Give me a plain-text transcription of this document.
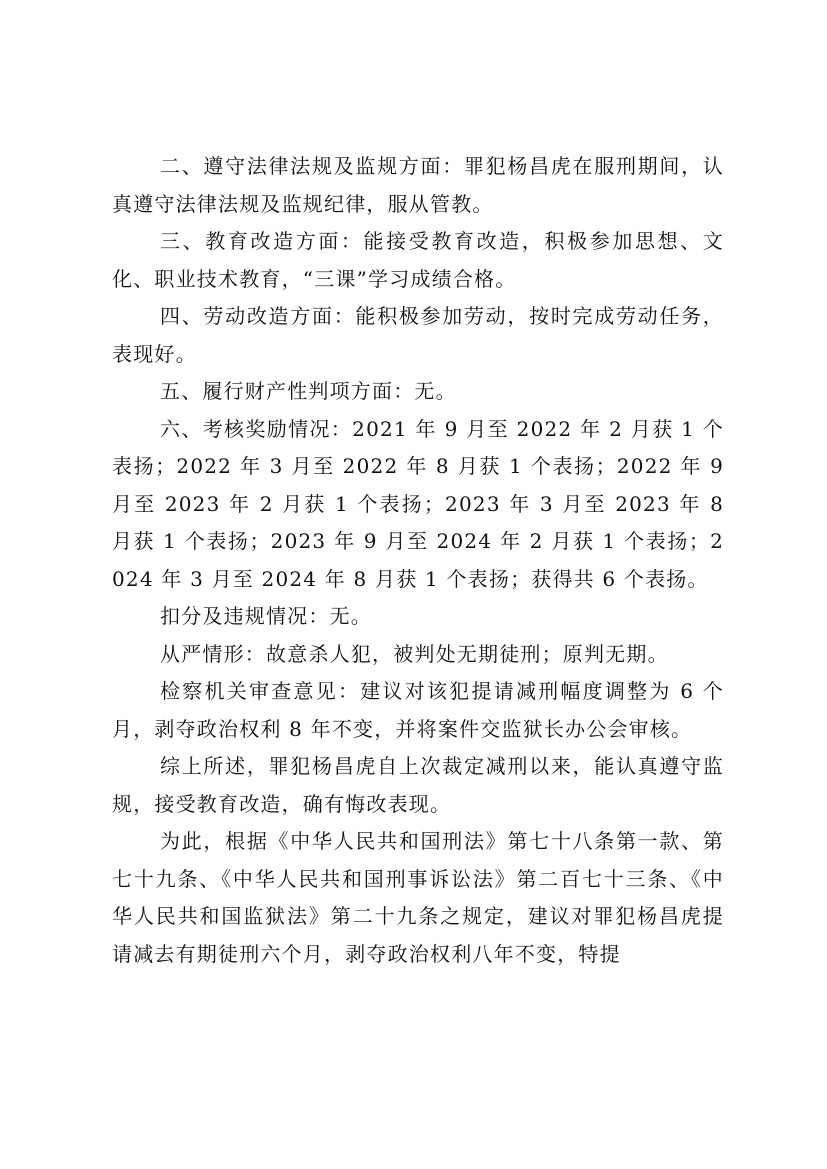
二、遵守法律法规及监规方面：罪犯杨昌虎在服刑期间，认真遵守法律法规及监规纪律，服从管教。

三、教育改造方面：能接受教育改造，积极参加思想、文化、职业技术教育，“三课”学习成绩合格。

四、劳动改造方面：能积极参加劳动，按时完成劳动任务，表现好。

五、履行财产性判项方面：无。

六、考核奖励情况：2021 年 9 月至 2022 年 2 月获 1 个表扬；2022 年 3 月至 2022 年 8 月获 1 个表扬；2022 年 9 月至 2023 年 2 月获 1 个表扬；2023 年 3 月至 2023 年 8 月获 1 个表扬；2023 年 9 月至 2024 年 2 月获 1 个表扬；2024 年 3 月至 2024 年 8 月获 1 个表扬；获得共 6 个表扬。

扣分及违规情况：无。

从严情形：故意杀人犯，被判处无期徒刑；原判无期。

检察机关审查意见：建议对该犯提请减刑幅度调整为 6 个月，剥夺政治权利 8 年不变，并将案件交监狱长办公会审核。

综上所述，罪犯杨昌虎自上次裁定减刑以来，能认真遵守监规，接受教育改造，确有悔改表现。

为此，根据《中华人民共和国刑法》第七十八条第一款、第七十九条、《中华人民共和国刑事诉讼法》第二百七十三条、《中华人民共和国监狱法》第二十九条之规定，建议对罪犯杨昌虎提请减去有期徒刑六个月，剥夺政治权利八年不变，特提
